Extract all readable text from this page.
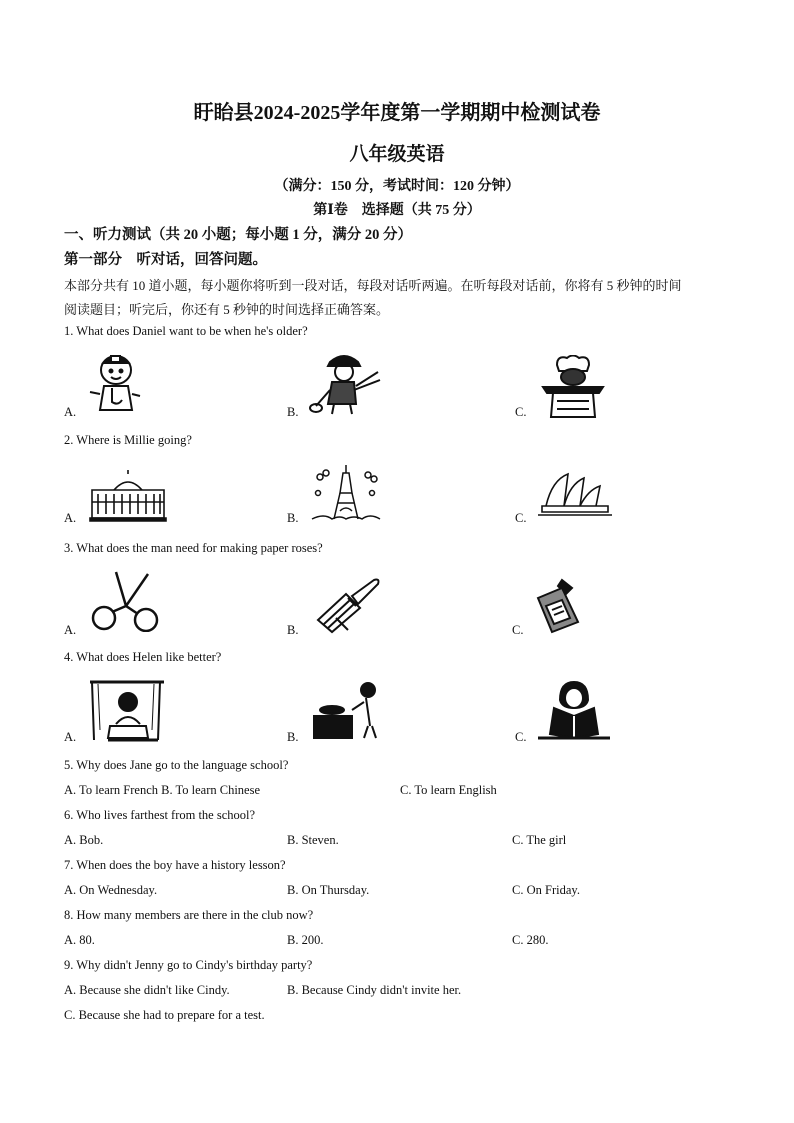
盱眙县2024-2025学年度第一学期期中检测试卷
八年级英语
（满分：150 分，考试时间：120 分钟）
第Ⅰ卷　选择题（共 75 分）
一、听力测试（共 20 小题；每小题 1 分，满分 20 分）
第一部分　听对话，回答问题。
本部分共有 10 道小题，每小题你将听到一段对话，每段对话听两遍。在听每段对话前，你将有 5 秒钟的时间
阅读题目；听完后，你还有 5 秒钟的时间选择正确答案。
1. What does Daniel want to be when he's older?
A.	B.	C.
2. Where is Millie going?
A.	B.	C.
3. What does the man need for making paper roses?
A.	B.	C.
4. What does Helen like better?
A.	B.	C.
5. Why does Jane go to the language school?
A. To learn French B. To learn Chinese	C. To learn English
6. Who lives farthest from the school?
A. Bob.	B. Steven.	C. The girl
7. When does the boy have a history lesson?
A. On Wednesday.	B. On Thursday.	C. On Friday.
8. How many members are there in the club now?
A. 80.	B. 200.	C. 280.
9. Why didn't Jenny go to Cindy's birthday party?
A. Because she didn't like Cindy.	B. Because Cindy didn't invite her.
C. Because she had to prepare for a test.
